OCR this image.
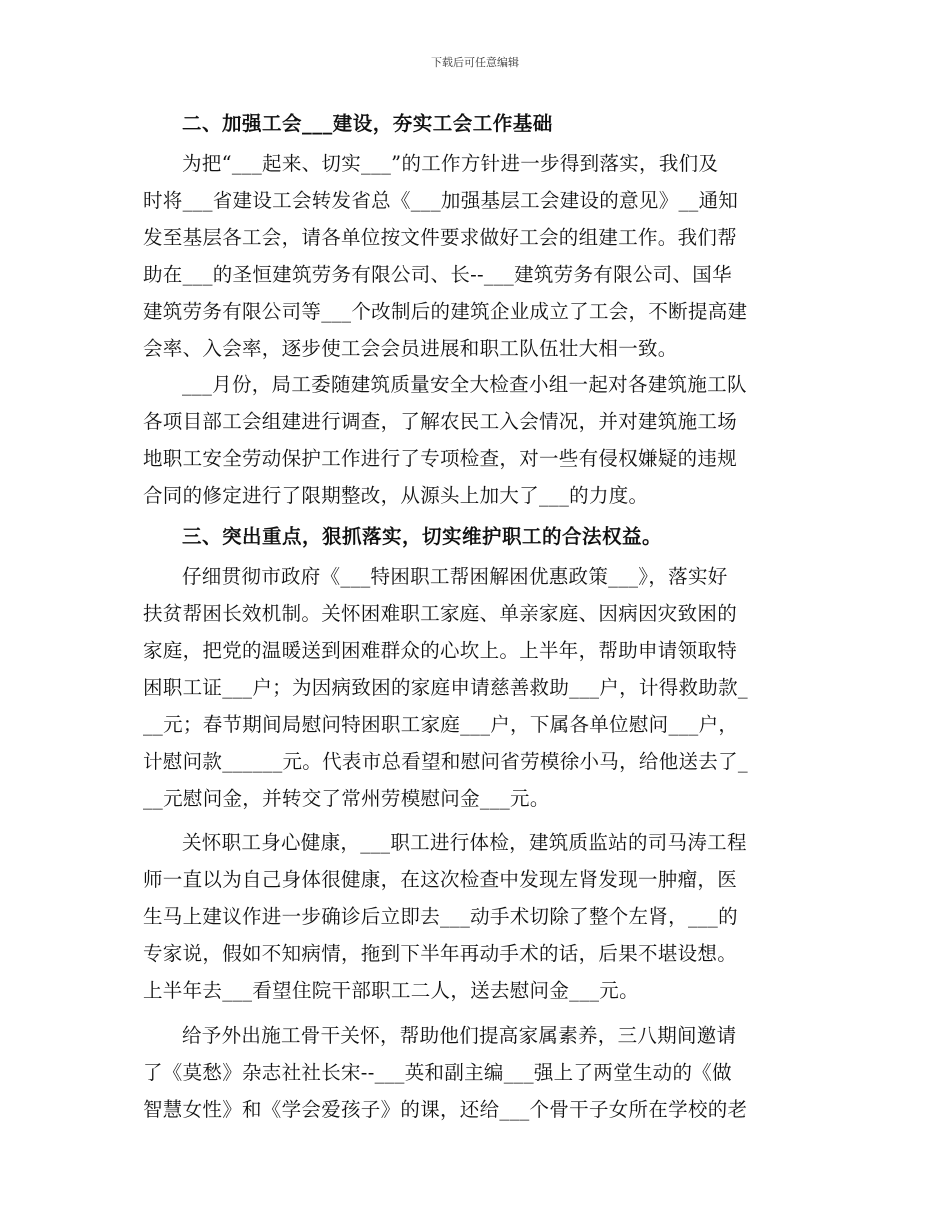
下载后可任意编辑
二、加强工会___建设，夯实工会工作基础
为把“___起来、切实___”的工作方针进一步得到落实，我们及
时将___省建设工会转发省总《___加强基层工会建设的意见》__通知
发至基层各工会，请各单位按文件要求做好工会的组建工作。我们帮
助在___的圣恒建筑劳务有限公司、长--___建筑劳务有限公司、国华
建筑劳务有限公司等___个改制后的建筑企业成立了工会，不断提高建
会率、入会率，逐步使工会会员进展和职工队伍壮大相一致。
___月份，局工委随建筑质量安全大检查小组一起对各建筑施工队
各项目部工会组建进行调查，了解农民工入会情况，并对建筑施工场
地职工安全劳动保护工作进行了专项检查，对一些有侵权嫌疑的违规
合同的修定进行了限期整改，从源头上加大了___的力度。
三、突出重点，狠抓落实，切实维护职工的合法权益。
仔细贯彻市政府《___特困职工帮困解困优惠政策___》，落实好
扶贫帮困长效机制。关怀困难职工家庭、单亲家庭、因病因灾致困的
家庭，把党的温暖送到困难群众的心坎上。上半年，帮助申请领取特
困职工证___户；为因病致困的家庭申请慈善救助___户，计得救助款_
__元；春节期间局慰问特困职工家庭___户，下属各单位慰问___户，
计慰问款______元。代表市总看望和慰问省劳模徐小马，给他送去了_
__元慰问金，并转交了常州劳模慰问金___元。
关怀职工身心健康，___职工进行体检，建筑质监站的司马涛工程
师一直以为自己身体很健康，在这次检查中发现左肾发现一肿瘤，医
生马上建议作进一步确诊后立即去___动手术切除了整个左肾，___的
专家说，假如不知病情，拖到下半年再动手术的话，后果不堪设想。
上半年去___看望住院干部职工二人，送去慰问金___元。
给予外出施工骨干关怀，帮助他们提高家属素养，三八期间邀请
了《莫愁》杂志社社长宋--___英和副主编___强上了两堂生动的《做
智慧女性》和《学会爱孩子》的课，还给___个骨干子女所在学校的老
